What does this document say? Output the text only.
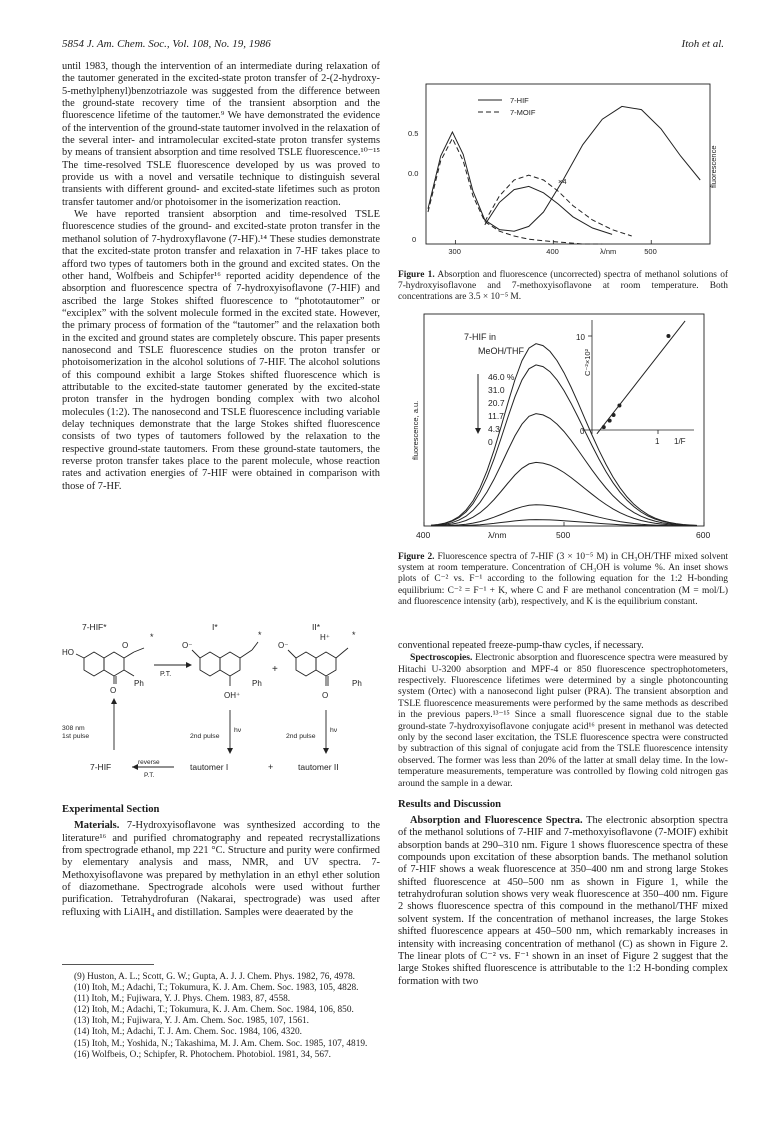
5854 J. Am. Chem. Soc., Vol. 108, No. 19, 1986	Itoh et al.

until 1983, though the intervention of an intermediate during relaxation of the tautomer generated in the excited-state proton transfer of 2-(2-hydroxy-5-methylphenyl)benzotriazole was suggested from the difference between the ground-state recovery time of the transient absorption and the fluorescence lifetime of the tautomer.⁹ We have demonstrated the evidence of the intervention of the ground-state tautomer involved in the relaxation of the several inter- and intramolecular excited-state proton transfer systems by means of transient absorption and time resolved TSLE fluorescence.¹⁰⁻¹⁵ The time-resolved TSLE fluorescence developed by us was proved to provide us with a novel and versatile technique to distinguish several transients with different ground- and excited-state lifetimes such as proton transfer tautomer and/or photoisomer in the isomerization reaction.

We have reported transient absorption and time-resolved TSLE fluorescence studies of the ground- and excited-state proton transfer in the methanol solution of 7-hydroxyflavone (7-HF).¹⁴ These studies demonstrate that the excited-state proton transfer and relaxation in 7-HF takes place to afford two types of tautomers both in the ground and excited states. On the other hand, Wolfbeis and Schipfer¹⁶ reported acidity dependence of the absorption and fluorescence spectra of 7-hydroxyisoflavone (7-HIF) and ascribed the large Stokes shifted fluorescence to “phototautomer” or “exciplex” with the solvent molecule formed in the excited state. However, the primary process of formation of the “tautomer” and the relaxation both in the excited and ground states are completely obscure. This paper presents nanosecond and TSLE fluorescence studies on the proton transfer or photoisomerization in the alcohol solutions of 7-HIF. The alcohol solutions of this compound exhibit a large Stokes shifted fluorescence which is attributable to the excited-state tautomer generated by the excited-state proton transfer in the hydrogen bonding complex with two alcohol molecules (1:2). The nanosecond and TSLE fluorescence including variable delay techniques demonstrate that the large Stokes shifted fluorescence consists of two types of tautomers followed by the relaxation to the respective ground-state tautomers. From these ground-state tautomers, the reverse proton transfer takes place to the parent molecule, whose reaction rates and activation energies of 7-HIF were obtained in comparison with those of 7-HF.

7-HIF*	I*	II*
HO
O
O
*
P.T.
Ph
O⁻
*
Ph
OH⁺
+
O⁻
H⁺ *
Ph
O
308 nm
1st pulse	2nd pulse
hν
2nd pulse
hν
7-HIF	reverse
P.T.
tautomer I	+	tautomer II
Experimental Section

Materials. 7-Hydroxyisoflavone was synthesized according to the literature¹⁶ and purified chromatography and repeated recrystallizations from spectrograde ethanol, mp 221 °C. Structure and purity were confirmed by elementary analysis and mass, NMR, and UV spectra. 7-Methoxyisoflavone was prepared by methylation in an ethyl ether solution of diazomethane. Spectrograde alcohols were used without further purification. Tetrahydrofuran (Nakarai, spectrograde) was used after refluxing with LiAlH₄ and distillation. Samples were deaerated by the

(9) Huston, A. L.; Scott, G. W.; Gupta, A. J. J. Chem. Phys. 1982, 76, 4978.
(10) Itoh, M.; Adachi, T.; Tokumura, K. J. Am. Chem. Soc. 1983, 105, 4828.
(11) Itoh, M.; Fujiwara, Y. J. Phys. Chem. 1983, 87, 4558.
(12) Itoh, M.; Adachi, T.; Tokumura, K. J. Am. Chem. Soc. 1984, 106, 850.
(13) Itoh, M.; Fujiwara, Y. J. Am. Chem. Soc. 1985, 107, 1561.
(14) Itoh, M.; Adachi, T. J. Am. Chem. Soc. 1984, 106, 4320.
(15) Itoh, M.; Yoshida, N.; Takashima, M. J. Am. Chem. Soc. 1985, 107, 4819.
(16) Wolfbeis, O.; Schipfer, R. Photochem. Photobiol. 1981, 34, 567.
7-HIF
7-MOIF
0.5
0.0
0
×4	fluorescence
300	400	500
λ/nm
Figure 1. Absorption and fluorescence (uncorrected) spectra of methanol solutions of 7-hydroxyisoflavone and 7-methoxyisoflavone at room temperature. Both concentrations are 3.5 × 10⁻⁵ M.
7-HIF in
MeOH/THF
46.0 %
31.0
20.7
11.7
4.3
0
fluorescence, a.u.
10
0
1 1/F
C⁻²×10²
400	500	600
λ/nm
Figure 2. Fluorescence spectra of 7-HIF (3 × 10⁻⁵ M) in CH₃OH/THF mixed solvent system at room temperature. Concentration of CH₃OH is volume %. An inset shows plots of C⁻² vs. F⁻¹ according to the following equation for the 1:2 H-bonding equilibrium: C⁻² = F⁻¹ + K, where C and F are methanol concentration (M = mol/L) and fluorescence intensity (arb), respectively, and K is the equilibrium constant.

conventional repeated freeze-pump-thaw cycles, if necessary.

Spectroscopies. Electronic absorption and fluorescence spectra were measured by Hitachi U-3200 absorption and MPF-4 or 850 fluorescence spectrophotometers, respectively. Fluorescence lifetimes were determined by a single photoncounting system (Ortec) with a nanosecond light pulser (PRA). The transient absorption and TSLE fluorescence measurements were performed by the same methods as described in the previous papers.¹³⁻¹⁵ Since a small fluorescence signal due to the stable ground-state 7-hydroxyisoflavone conjugate acid¹⁶ present in methanol was detected only by the second laser excitation, the TSLE fluorescence spectra were constructed by subtraction of this signal of conjugate acid from the TSLE fluorescence intensity observed. The former was less than 20% of the latter at small delay time. In the low-temperature measurements, temperature was controlled by flowing cold nitrogen gas around the sample in a dewar.

Results and Discussion

Absorption and Fluorescence Spectra. The electronic absorption spectra of the methanol solutions of 7-HIF and 7-methoxyisoflavone (7-MOIF) exhibit absorption bands at 290–310 nm. Figure 1 shows fluorescence spectra of these compounds upon excitation of these absorption bands. The methanol solution of 7-HIF shows a weak fluorescence at 350–400 nm and strong large Stokes shifted fluorescence at 450–500 nm as shown in Figure 1, while the tetrahydrofuran solution shows very weak fluorescence at 350–400 nm. Figure 2 shows fluorescence spectra of this compound in the methanol/THF mixed solvent system. If the concentration of methanol increases, the large Stokes shifted fluorescence appears at 450–500 nm, which remarkably increases in intensity with increasing concentration of methanol (C) as shown in Figure 2. The linear plots of C⁻² vs. F⁻¹ shown in an inset of Figure 2 suggest that the large Stokes shifted fluorescence is attributable to the 1:2 H-bonding complex formation with two
